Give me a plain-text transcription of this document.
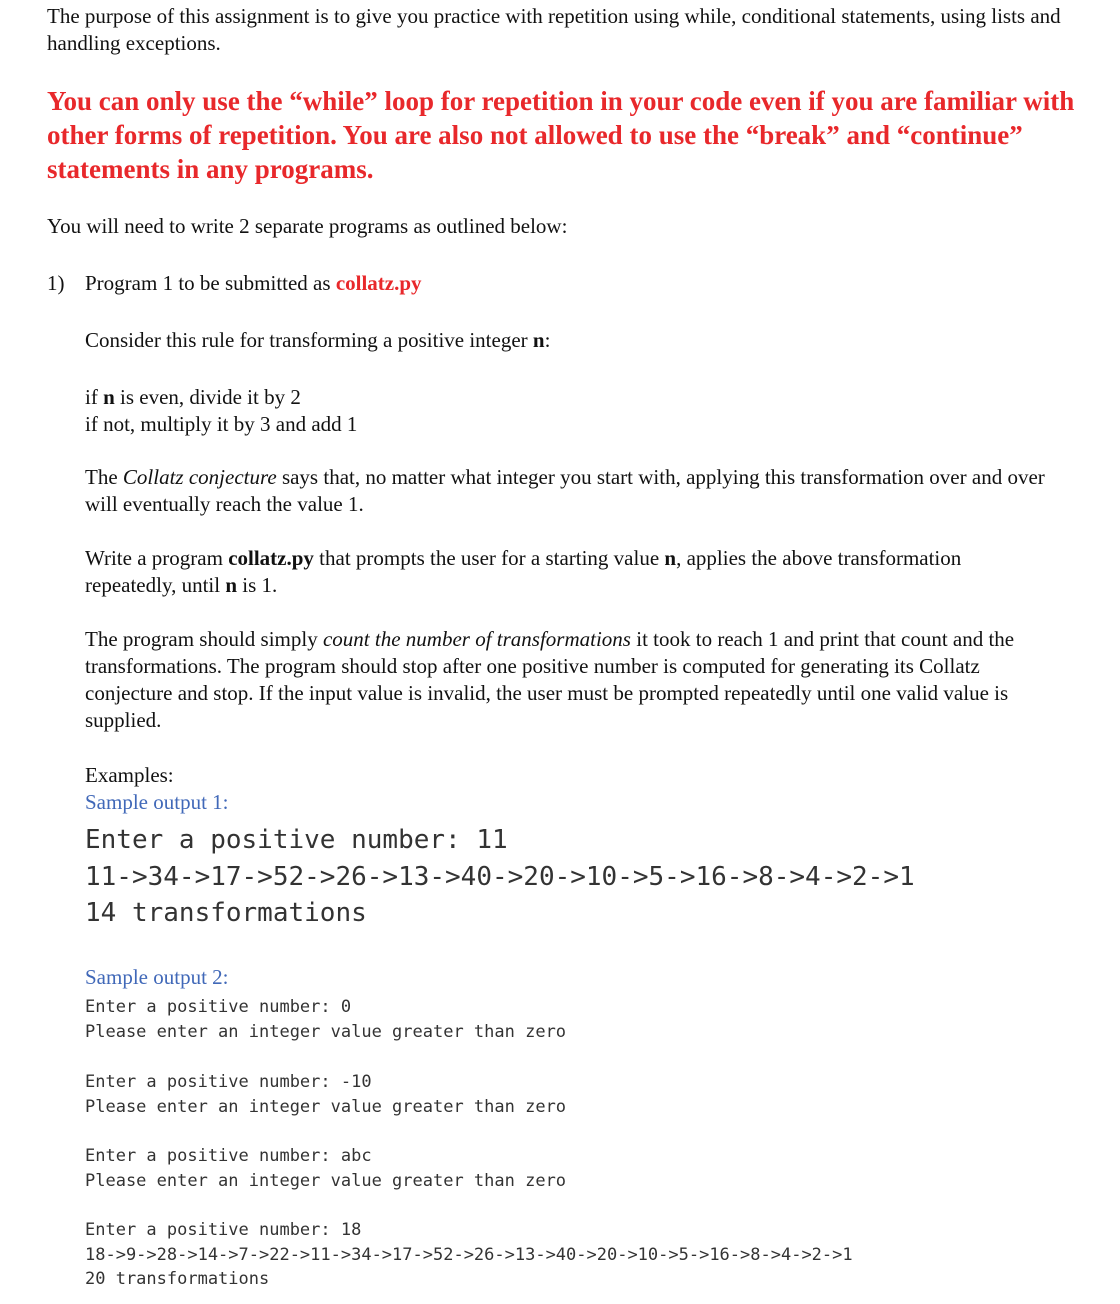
The purpose of this assignment is to give you practice with repetition using while, conditional statements, using lists and handling exceptions.

You can only use the “while” loop for repetition in your code even if you are familiar with other forms of repetition. You are also not allowed to use the “break” and “continue” statements in any programs.

You will need to write 2 separate programs as outlined below:

1) Program 1 to be submitted as collatz.py

Consider this rule for transforming a positive integer n:

if n is even, divide it by 2
if not, multiply it by 3 and add 1

The Collatz conjecture says that, no matter what integer you start with, applying this transformation over and over will eventually reach the value 1.

Write a program collatz.py that prompts the user for a starting value n, applies the above transformation repeatedly, until n is 1.

The program should simply count the number of transformations it took to reach 1 and print that count and the transformations. The program should stop after one positive number is computed for generating its Collatz conjecture and stop. If the input value is invalid, the user must be prompted repeatedly until one valid value is supplied.

Examples:
Sample output 1:

Enter a positive number: 11
11->34->17->52->26->13->40->20->10->5->16->8->4->2->1
14 transformations

Sample output 2:

Enter a positive number: 0
Please enter an integer value greater than zero
Enter a positive number: -10
Please enter an integer value greater than zero
Enter a positive number: abc
Please enter an integer value greater than zero
Enter a positive number: 18
18->9->28->14->7->22->11->34->17->52->26->13->40->20->10->5->16->8->4->2->1
20 transformations
